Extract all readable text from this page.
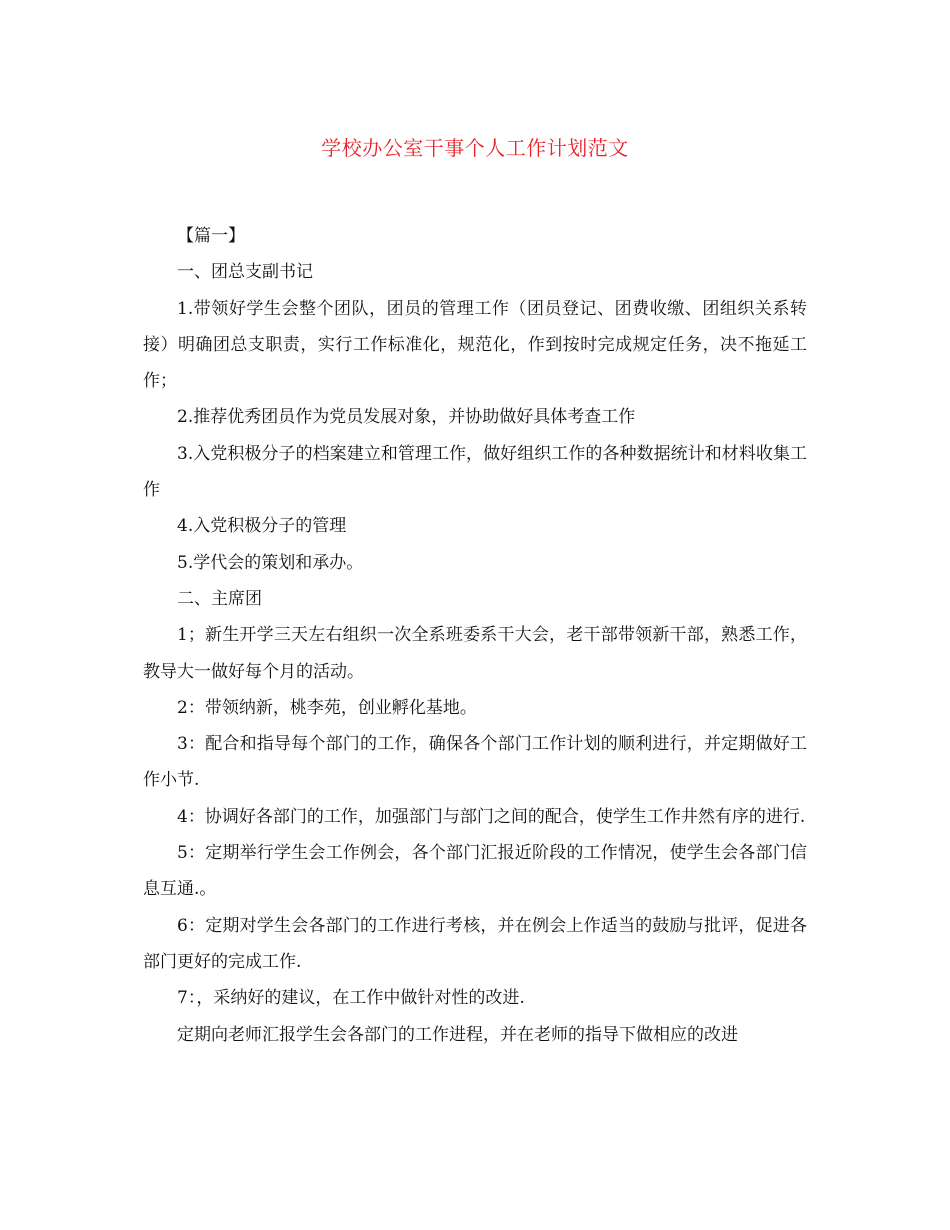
学校办公室干事个人工作计划范文

【篇一】

一、团总支副书记

1.带领好学生会整个团队，团员的管理工作（团员登记、团费收缴、团组织关系转接）明确团总支职责，实行工作标准化，规范化，作到按时完成规定任务，决不拖延工作；

2.推荐优秀团员作为党员发展对象，并协助做好具体考查工作

3.入党积极分子的档案建立和管理工作，做好组织工作的各种数据统计和材料收集工作

4.入党积极分子的管理

5.学代会的策划和承办。

二、主席团

1；新生开学三天左右组织一次全系班委系干大会，老干部带领新干部，熟悉工作，教导大一做好每个月的活动。

2：带领纳新，桃李苑，创业孵化基地。

3：配合和指导每个部门的工作，确保各个部门工作计划的顺利进行，并定期做好工作小节.

4：协调好各部门的工作，加强部门与部门之间的配合，使学生工作井然有序的进行.

5：定期举行学生会工作例会，各个部门汇报近阶段的工作情况，使学生会各部门信息互通.。

6：定期对学生会各部门的工作进行考核，并在例会上作适当的鼓励与批评，促进各部门更好的完成工作.

7：，采纳好的建议，在工作中做针对性的改进.

定期向老师汇报学生会各部门的工作进程，并在老师的指导下做相应的改进
